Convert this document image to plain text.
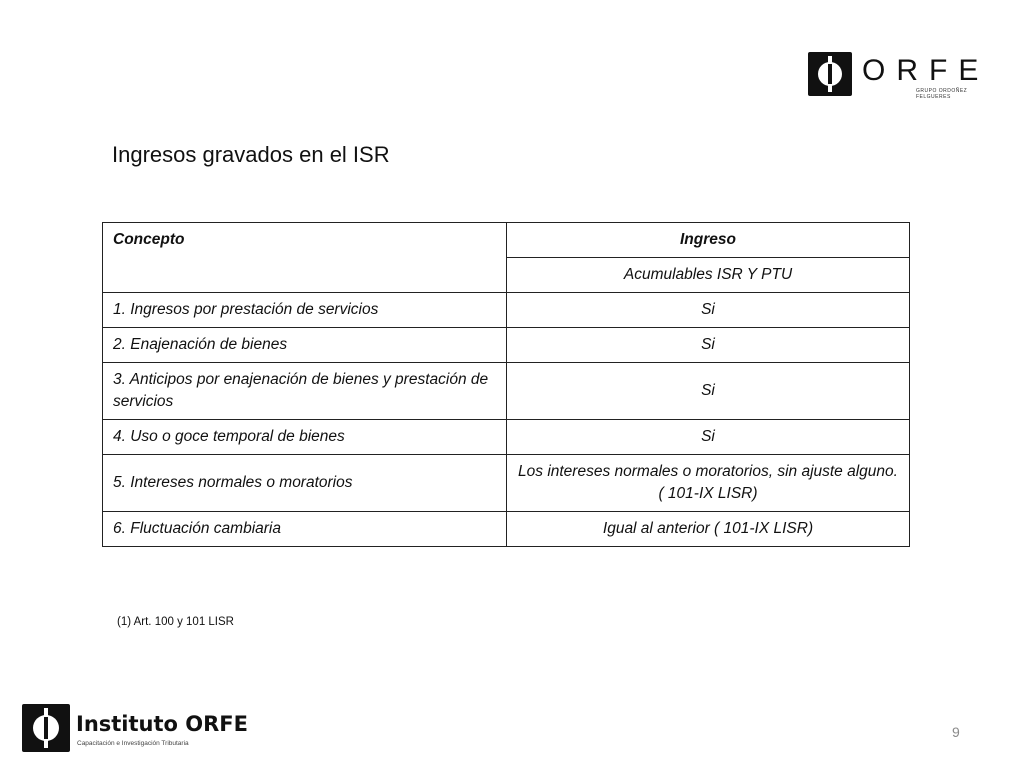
ORFE
GRUPO ORDOÑEZ FELGUERES
Ingresos gravados en el ISR
Concepto	Ingreso
	Acumulables ISR Y PTU
1. Ingresos por prestación de servicios	Si
2. Enajenación de bienes	Si
3. Anticipos por enajenación de bienes y prestación de servicios	Si
4. Uso o goce temporal de bienes	Si
5. Intereses normales o moratorios	Los intereses normales o moratorios, sin ajuste alguno. ( 101-IX LISR)
6. Fluctuación cambiaria	Igual al anterior ( 101-IX LISR)
(1) Art. 100 y 101 LISR
Instituto ORFE
Capacitación e Investigación Tributaria
9
